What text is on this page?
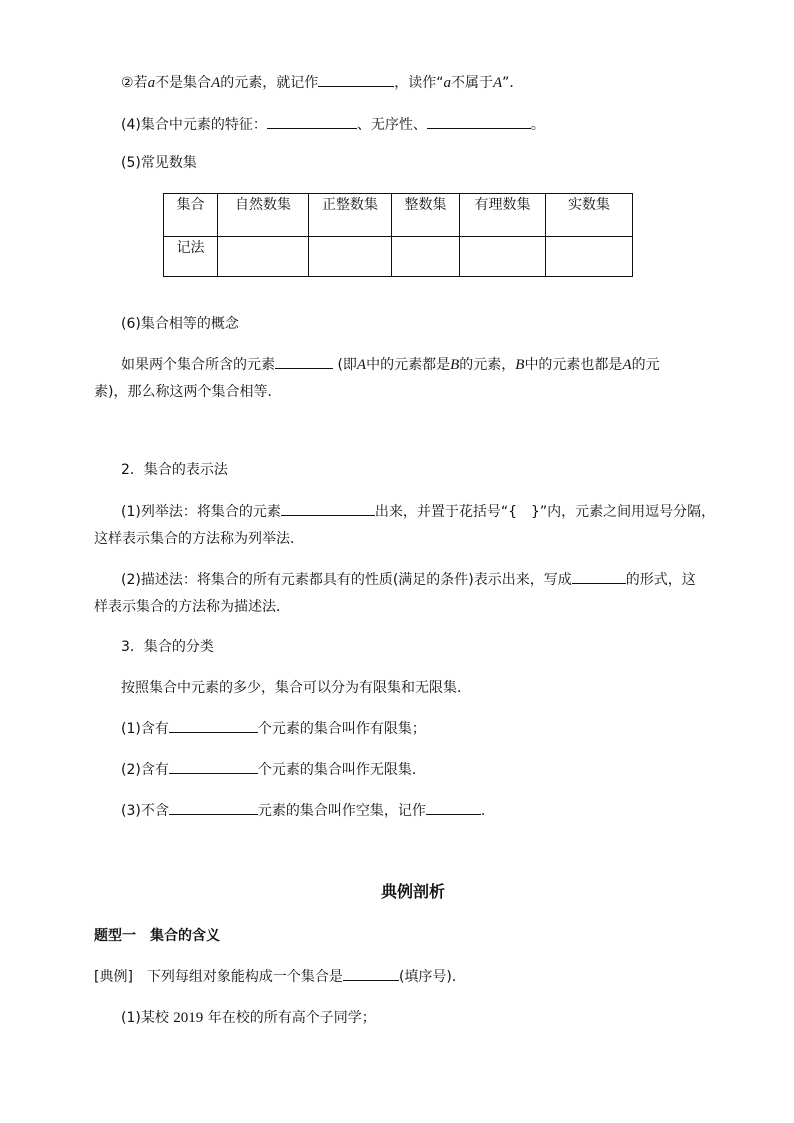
②若a不是集合A的元素，就记作	，读作“a不属于A”．
(4)集合中元素的特征：	、无序性、	。
(5)常见数集
集合	自然数集	正整数集	整数集	有理数集	实数集
记法					
(6)集合相等的概念
如果两个集合所含的元素	(即A中的元素都是B的元素，B中的元素也都是A的元
素)，那么称这两个集合相等．
2．集合的表示法
(1)列举法：将集合的元素	出来，并置于花括号“{　}”内，元素之间用逗号分隔，
这样表示集合的方法称为列举法．
(2)描述法：将集合的所有元素都具有的性质(满足的条件)表示出来，写成	的形式，这
样表示集合的方法称为描述法．
3．集合的分类
按照集合中元素的多少，集合可以分为有限集和无限集．
(1)含有	个元素的集合叫作有限集；
(2)含有	个元素的集合叫作无限集．
(3)不含	元素的集合叫作空集，记作	.
典例剖析
题型一　集合的含义
[典例]　下列每组对象能构成一个集合是	(填序号)．
(1)某校 2019 年在校的所有高个子同学；
